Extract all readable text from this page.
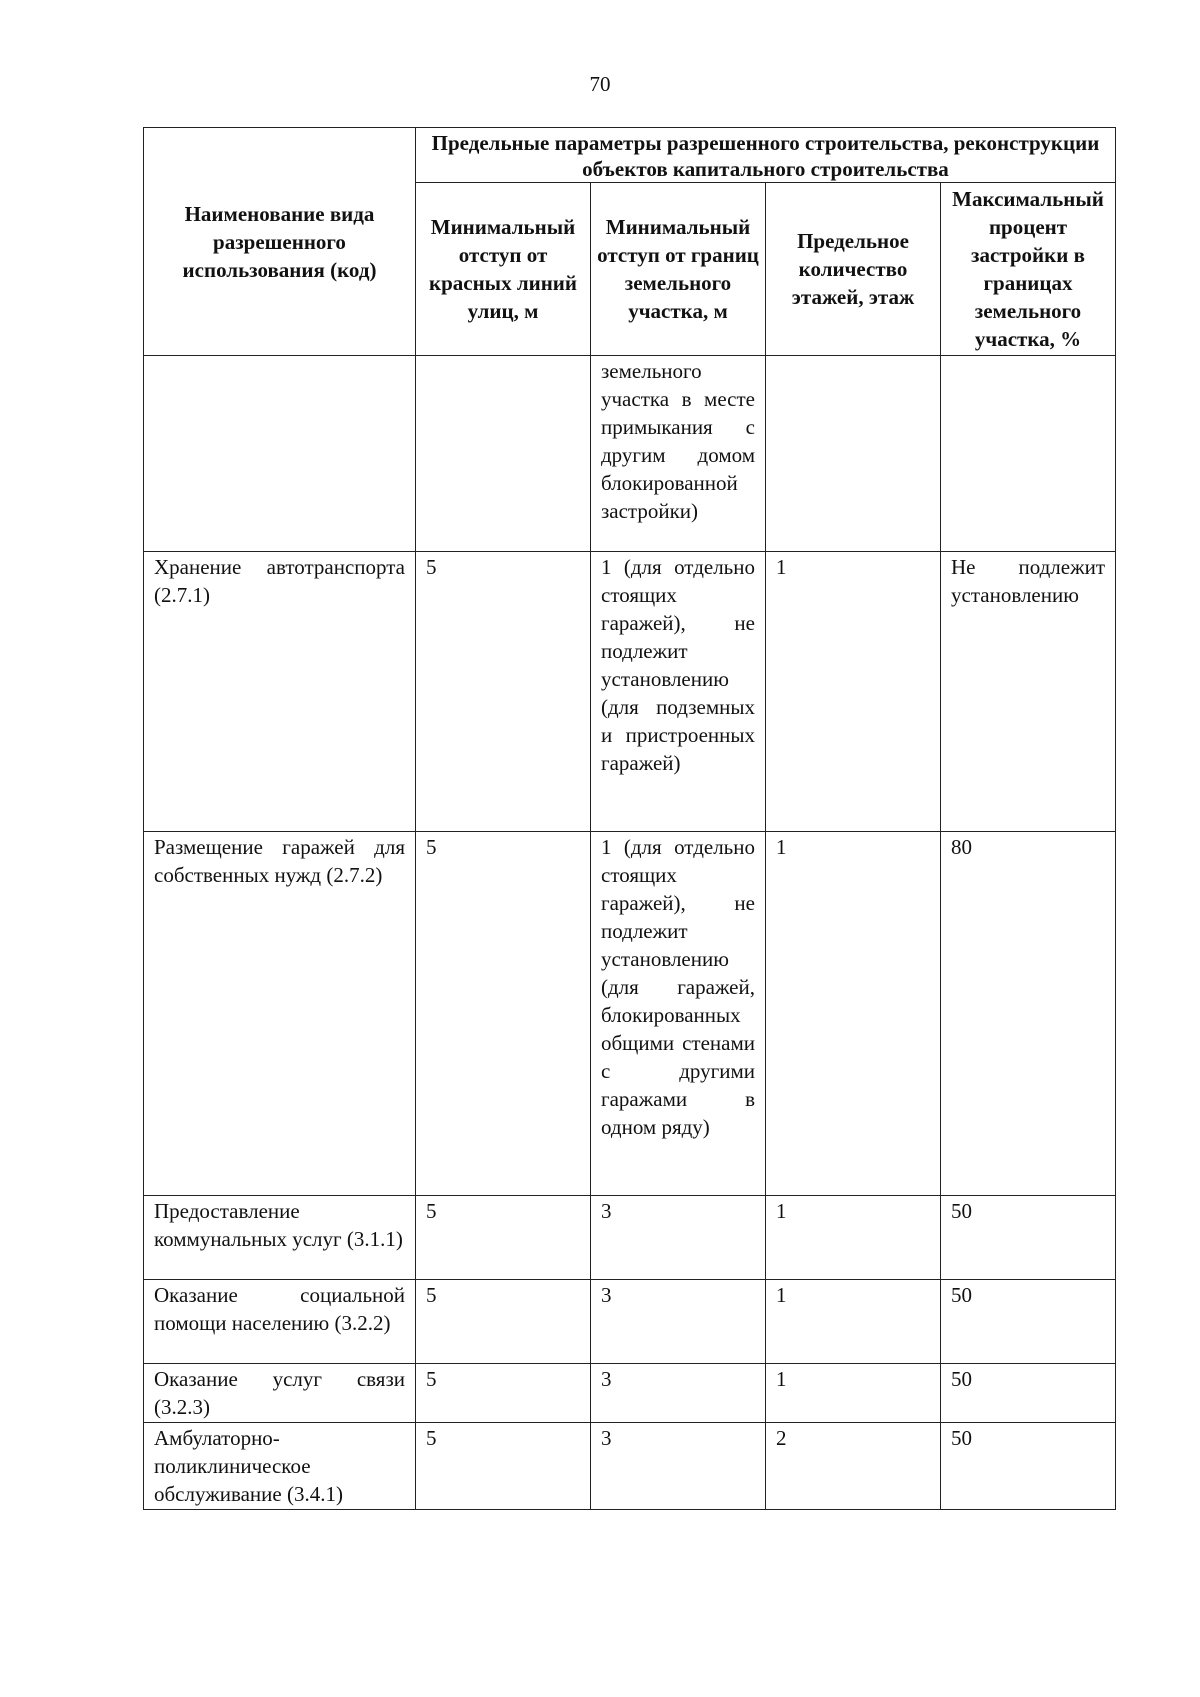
70
Наименование вида разрешенного использования (код)	Предельные параметры разрешенного строительства, реконструкции объектов капитального строительства			
	Минимальный отступ от красных линий улиц, м	Минимальный отступ от границ земельного участка, м	Предельное количество этажей, этаж	Максимальный процент застройки в границах земельного участка, %
		земельного участка в месте примыкания с другим домом блокированной застройки)		
Хранение автотранспорта (2.7.1)	5	1 (для отдельно стоящих гаражей), не подлежит установлению (для подземных и пристроенных гаражей)	1	Не подлежит установлению
Размещение гаражей для собственных нужд (2.7.2)	5	1 (для отдельно стоящих гаражей), не подлежит установлению (для гаражей, блокированных общими стенами с другими гаражами в одном ряду)	1	80
Предоставление коммунальных услуг (3.1.1)	5	3	1	50
Оказание социальной помощи населению (3.2.2)	5	3	1	50
Оказание услуг связи (3.2.3)	5	3	1	50
Амбулаторно-поликлиническое обслуживание (3.4.1)	5	3	2	50
